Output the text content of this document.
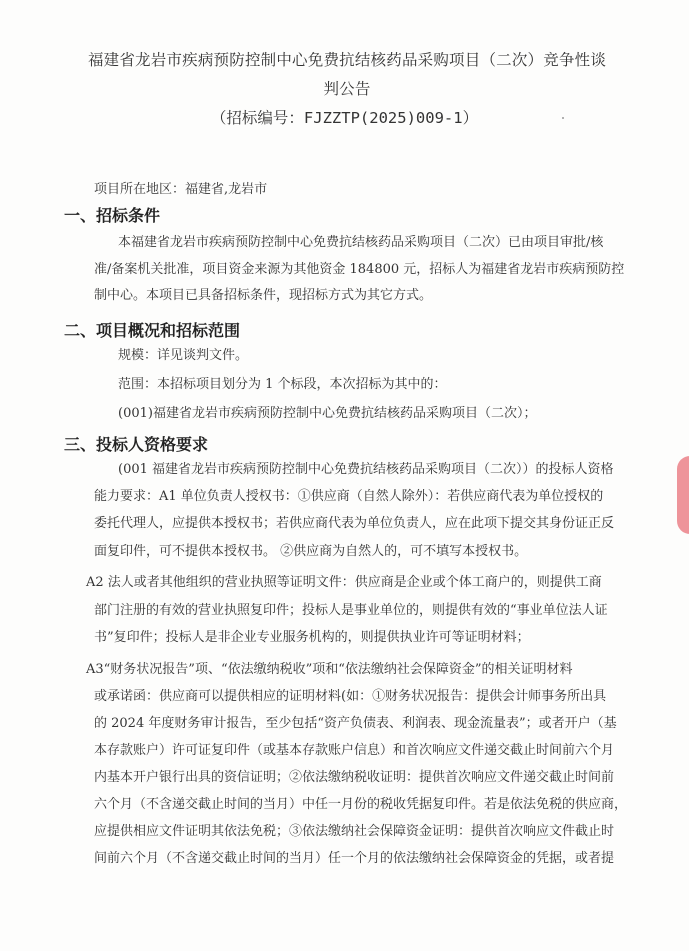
福建省龙岩市疾病预防控制中心免费抗结核药品采购项目（二次）竞争性谈判公告
（招标编号：FJZZTP(2025)009-1）
项目所在地区：福建省,龙岩市
一、招标条件
本福建省龙岩市疾病预防控制中心免费抗结核药品采购项目（二次）已由项目审批/核
准/备案机关批准，项目资金来源为其他资金 184800 元，招标人为福建省龙岩市疾病预防控
制中心。本项目已具备招标条件，现招标方式为其它方式。
二、项目概况和招标范围
规模：详见谈判文件。
范围：本招标项目划分为 1 个标段，本次招标为其中的：
(001)福建省龙岩市疾病预防控制中心免费抗结核药品采购项目（二次）；
三、投标人资格要求
(001 福建省龙岩市疾病预防控制中心免费抗结核药品采购项目（二次））的投标人资格
能力要求：A1 单位负责人授权书：①供应商（自然人除外）：若供应商代表为单位授权的
委托代理人，应提供本授权书；若供应商代表为单位负责人，应在此项下提交其身份证正反
面复印件，可不提供本授权书。 ②供应商为自然人的，可不填写本授权书。
A2 法人或者其他组织的营业执照等证明文件：供应商是企业或个体工商户的，则提供工商
部门注册的有效的营业执照复印件；投标人是事业单位的，则提供有效的“事业单位法人证
书”复印件；投标人是非企业专业服务机构的，则提供执业许可等证明材料；
A3“财务状况报告”项、“依法缴纳税收”项和“依法缴纳社会保障资金”的相关证明材料
或承诺函：供应商可以提供相应的证明材料(如：①财务状况报告：提供会计师事务所出具
的 2024 年度财务审计报告，至少包括“资产负债表、利润表、现金流量表”；或者开户（基
本存款账户）许可证复印件（或基本存款账户信息）和首次响应文件递交截止时间前六个月
内基本开户银行出具的资信证明；②依法缴纳税收证明：提供首次响应文件递交截止时间前
六个月（不含递交截止时间的当月）中任一月份的税收凭据复印件。若是依法免税的供应商，
应提供相应文件证明其依法免税；③依法缴纳社会保障资金证明：提供首次响应文件截止时
间前六个月（不含递交截止时间的当月）任一个月的依法缴纳社会保障资金的凭据，或者提
